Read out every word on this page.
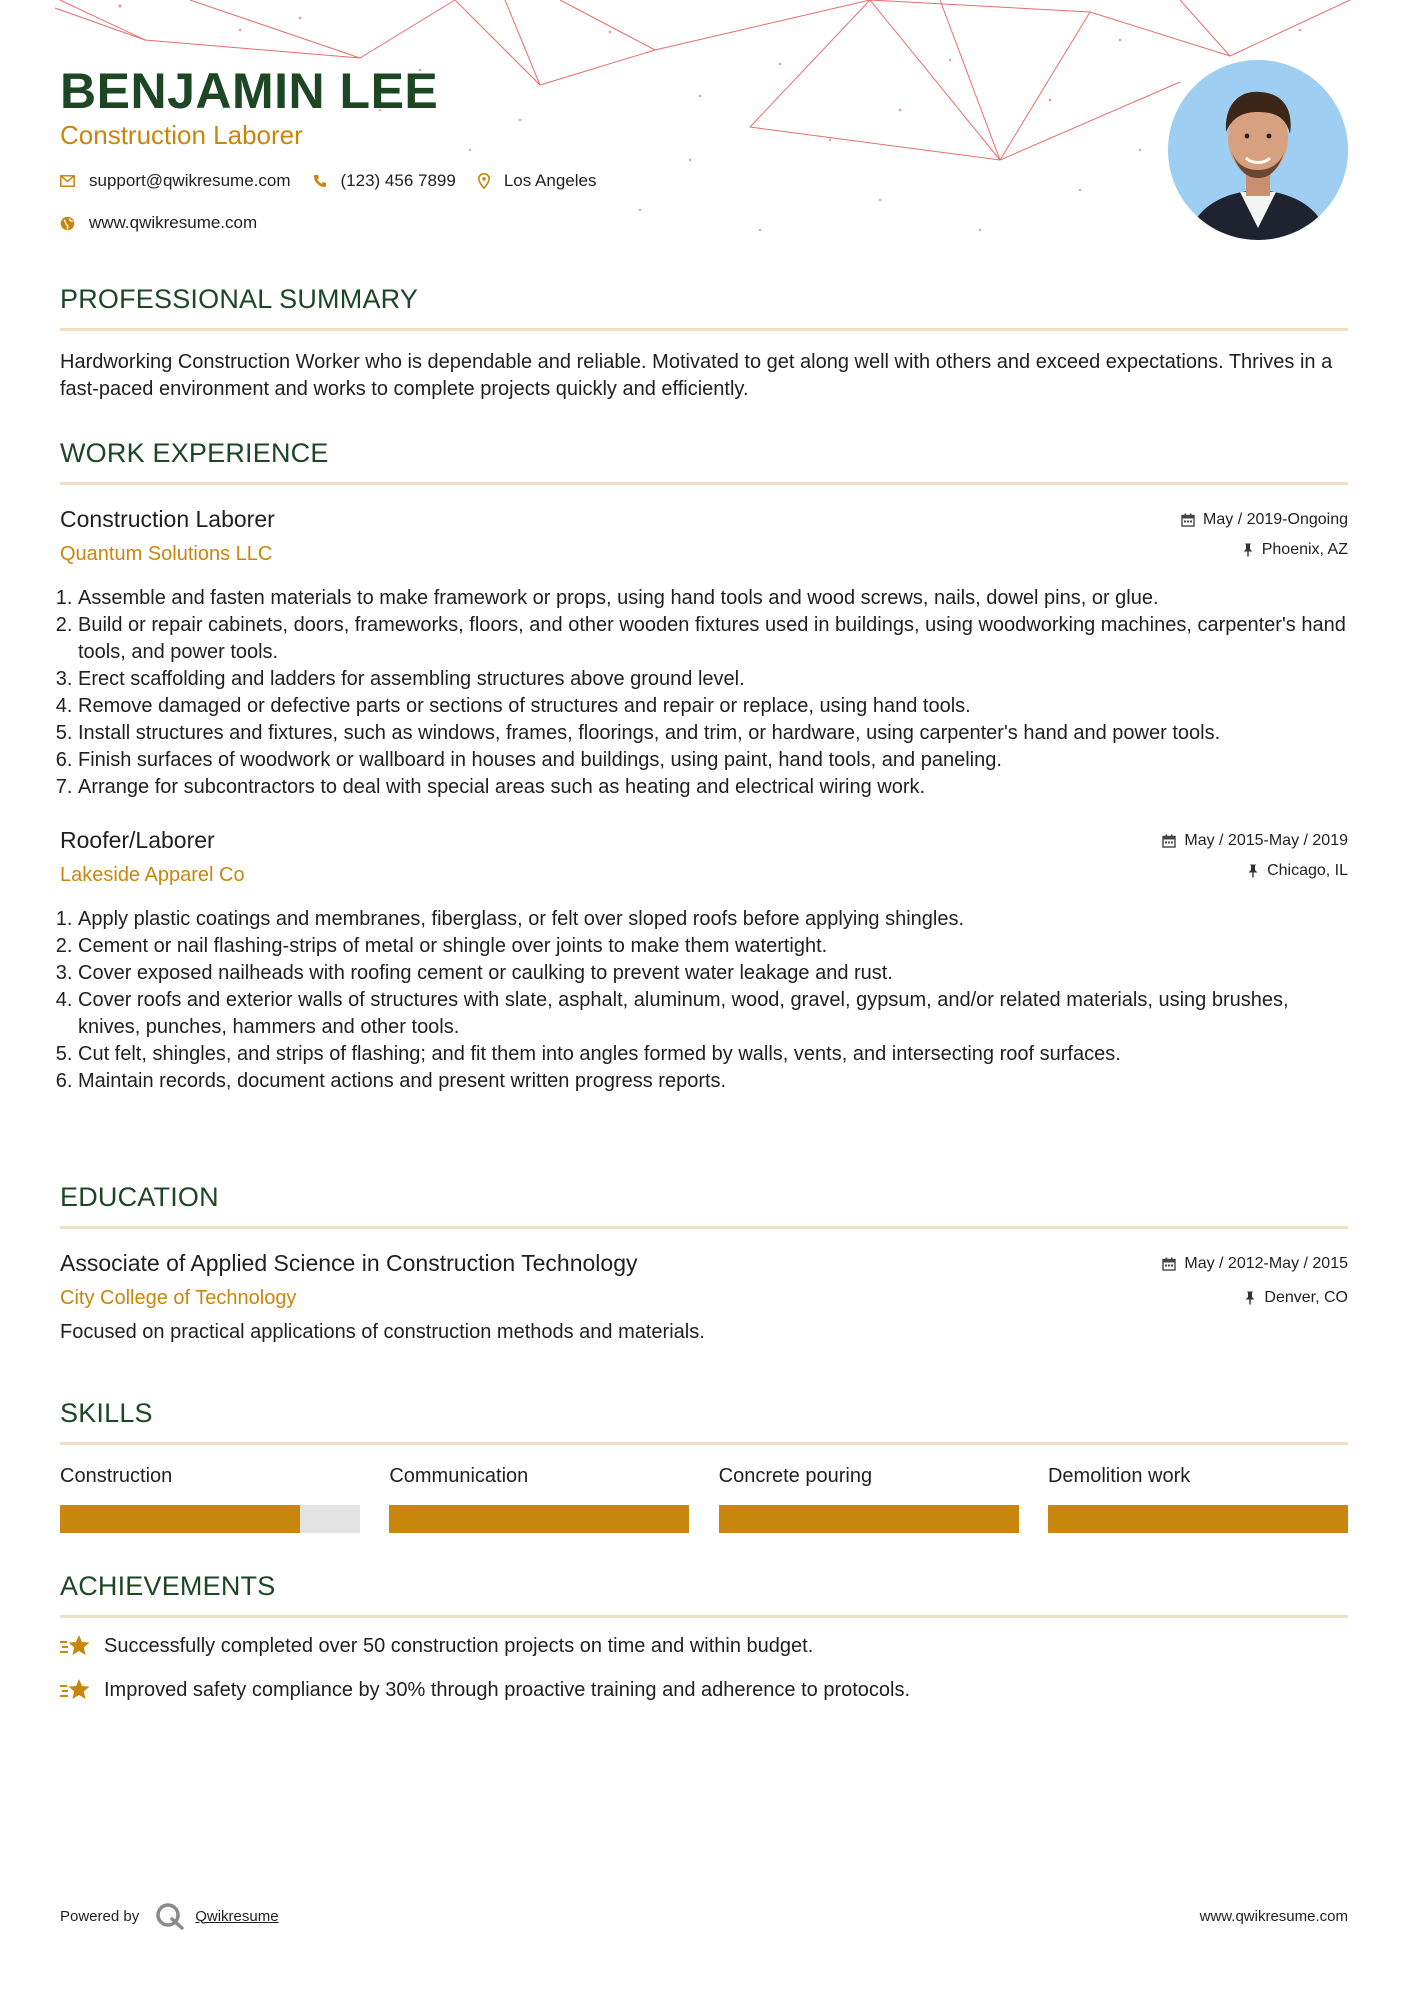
BENJAMIN LEE
Construction Laborer
support@qwikresume.com	(123) 456 7899	Los Angeles
www.qwikresume.com
PROFESSIONAL SUMMARY

Hardworking Construction Worker who is dependable and reliable. Motivated to get along well with others and exceed expectations. Thrives in a fast-paced environment and works to complete projects quickly and efficiently.

WORK EXPERIENCE
Construction Laborer
Quantum Solutions LLC
May / 2019-Ongoing
Phoenix, AZ
1. Assemble and fasten materials to make framework or props, using hand tools and wood screws, nails, dowel pins, or glue.
2. Build or repair cabinets, doors, frameworks, floors, and other wooden fixtures used in buildings, using woodworking machines, carpenter's hand tools, and power tools.
3. Erect scaffolding and ladders for assembling structures above ground level.
4. Remove damaged or defective parts or sections of structures and repair or replace, using hand tools.
5. Install structures and fixtures, such as windows, frames, floorings, and trim, or hardware, using carpenter's hand and power tools.
6. Finish surfaces of woodwork or wallboard in houses and buildings, using paint, hand tools, and paneling.
7. Arrange for subcontractors to deal with special areas such as heating and electrical wiring work.
Roofer/Laborer
Lakeside Apparel Co
May / 2015-May / 2019
Chicago, IL
1. Apply plastic coatings and membranes, fiberglass, or felt over sloped roofs before applying shingles.
2. Cement or nail flashing-strips of metal or shingle over joints to make them watertight.
3. Cover exposed nailheads with roofing cement or caulking to prevent water leakage and rust.
4. Cover roofs and exterior walls of structures with slate, asphalt, aluminum, wood, gravel, gypsum, and/or related materials, using brushes, knives, punches, hammers and other tools.
5. Cut felt, shingles, and strips of flashing; and fit them into angles formed by walls, vents, and intersecting roof surfaces.
6. Maintain records, document actions and present written progress reports.
EDUCATION
Associate of Applied Science in Construction Technology
City College of Technology
May / 2012-May / 2015
Denver, CO

Focused on practical applications of construction methods and materials.

SKILLS
Construction	Communication	Concrete pouring	Demolition work
ACHIEVEMENTS
Successfully completed over 50 construction projects on time and within budget.
Improved safety compliance by 30% through proactive training and adherence to protocols.
Powered by	Qwikresume	www.qwikresume.com
